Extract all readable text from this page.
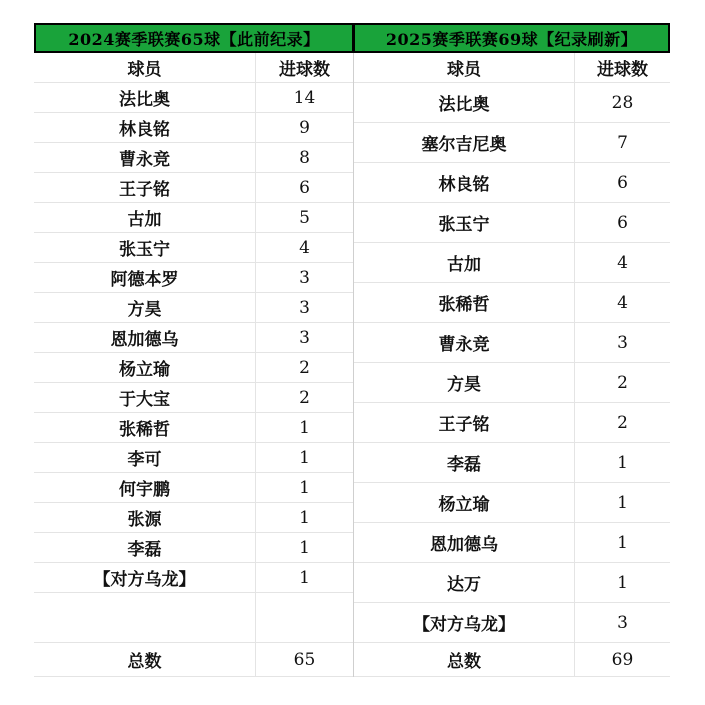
2024赛季联赛65球【此前纪录】	2025赛季联赛69球【纪录刷新】
球员	进球数
法比奥	14
林良铭	9
曹永竞	8
王子铭	6
古加	5
张玉宁	4
阿德本罗	3
方昊	3
恩加德乌	3
杨立瑜	2
于大宝	2
张稀哲	1
李可	1
何宇鹏	1
张源	1
李磊	1
【对方乌龙】	1
总数	65
球员	进球数
法比奥	28
塞尔吉尼奥	7
林良铭	6
张玉宁	6
古加	4
张稀哲	4
曹永竞	3
方昊	2
王子铭	2
李磊	1
杨立瑜	1
恩加德乌	1
达万	1
【对方乌龙】	3
总数	69
